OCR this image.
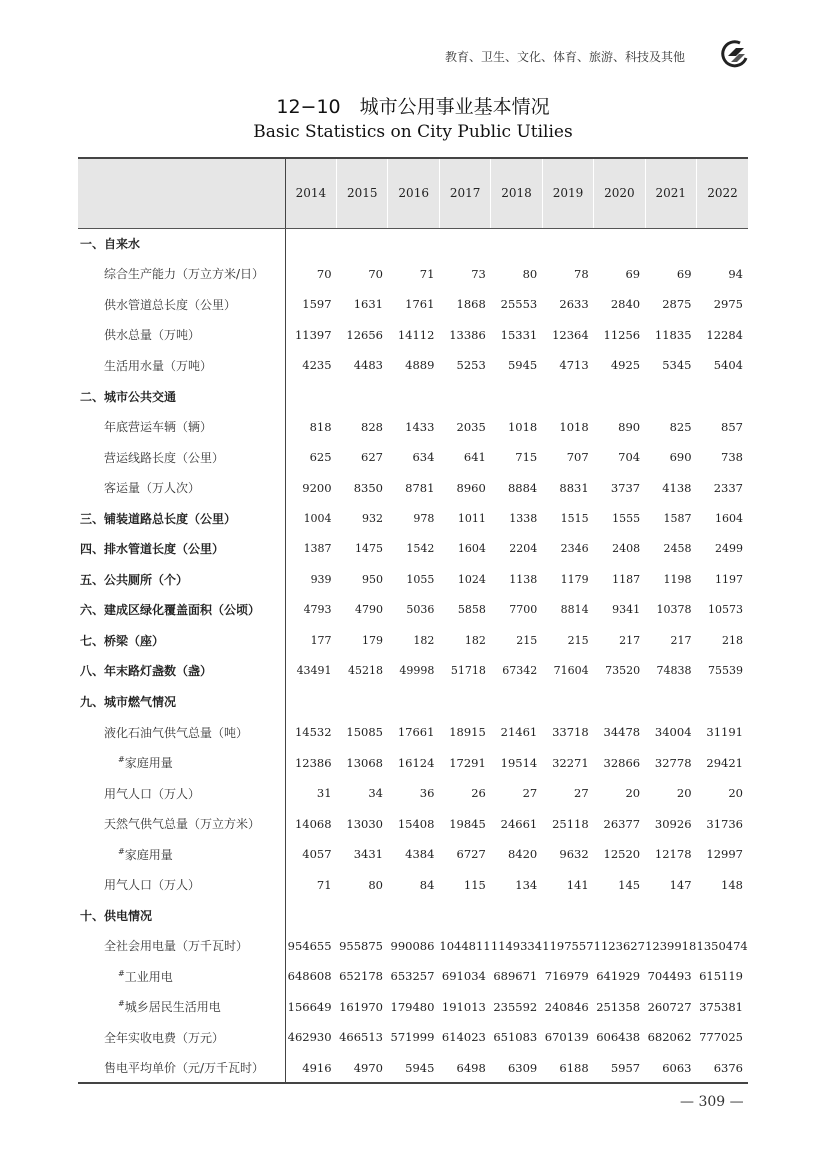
教育、卫生、文化、体育、旅游、科技及其他
12−10　城市公用事业基本情况
Basic Statistics on City Public Utilies
	2014	2015	2016	2017	2018	2019	2020	2021	2022
一、自来水									
综合生产能力（万立方米/日）	70	70	71	73	80	78	69	69	94
供水管道总长度（公里）	1597	1631	1761	1868	25553	2633	2840	2875	2975
供水总量（万吨）	11397	12656	14112	13386	15331	12364	11256	11835	12284
生活用水量（万吨）	4235	4483	4889	5253	5945	4713	4925	5345	5404
二、城市公共交通									
年底营运车辆（辆）	818	828	1433	2035	1018	1018	890	825	857
营运线路长度（公里）	625	627	634	641	715	707	704	690	738
客运量（万人次）	9200	8350	8781	8960	8884	8831	3737	4138	2337
三、铺装道路总长度（公里）	1004	932	978	1011	1338	1515	1555	1587	1604
四、排水管道长度（公里）	1387	1475	1542	1604	2204	2346	2408	2458	2499
五、公共厕所（个）	939	950	1055	1024	1138	1179	1187	1198	1197
六、建成区绿化覆盖面积（公顷）	4793	4790	5036	5858	7700	8814	9341	10378	10573
七、桥梁（座）	177	179	182	182	215	215	217	217	218
八、年末路灯盏数（盏）	43491	45218	49998	51718	67342	71604	73520	74838	75539
九、城市燃气情况									
液化石油气供气总量（吨）	14532	15085	17661	18915	21461	33718	34478	34004	31191
#家庭用量	12386	13068	16124	17291	19514	32271	32866	32778	29421
用气人口（万人）	31	34	36	26	27	27	20	20	20
天然气供气总量（万立方米）	14068	13030	15408	19845	24661	25118	26377	30926	31736
#家庭用量	4057	3431	4384	6727	8420	9632	12520	12178	12997
用气人口（万人）	71	80	84	115	134	141	145	147	148
十、供电情况									
全社会用电量（万千瓦时）	954655	955875	990086	1044811	1149334	1197557	1123627	1239918	1350474
#工业用电	648608	652178	653257	691034	689671	716979	641929	704493	615119
#城乡居民生活用电	156649	161970	179480	191013	235592	240846	251358	260727	375381
全年实收电费（万元）	462930	466513	571999	614023	651083	670139	606438	682062	777025
售电平均单价（元/万千瓦时）	4916	4970	5945	6498	6309	6188	5957	6063	6376
— 309 —
